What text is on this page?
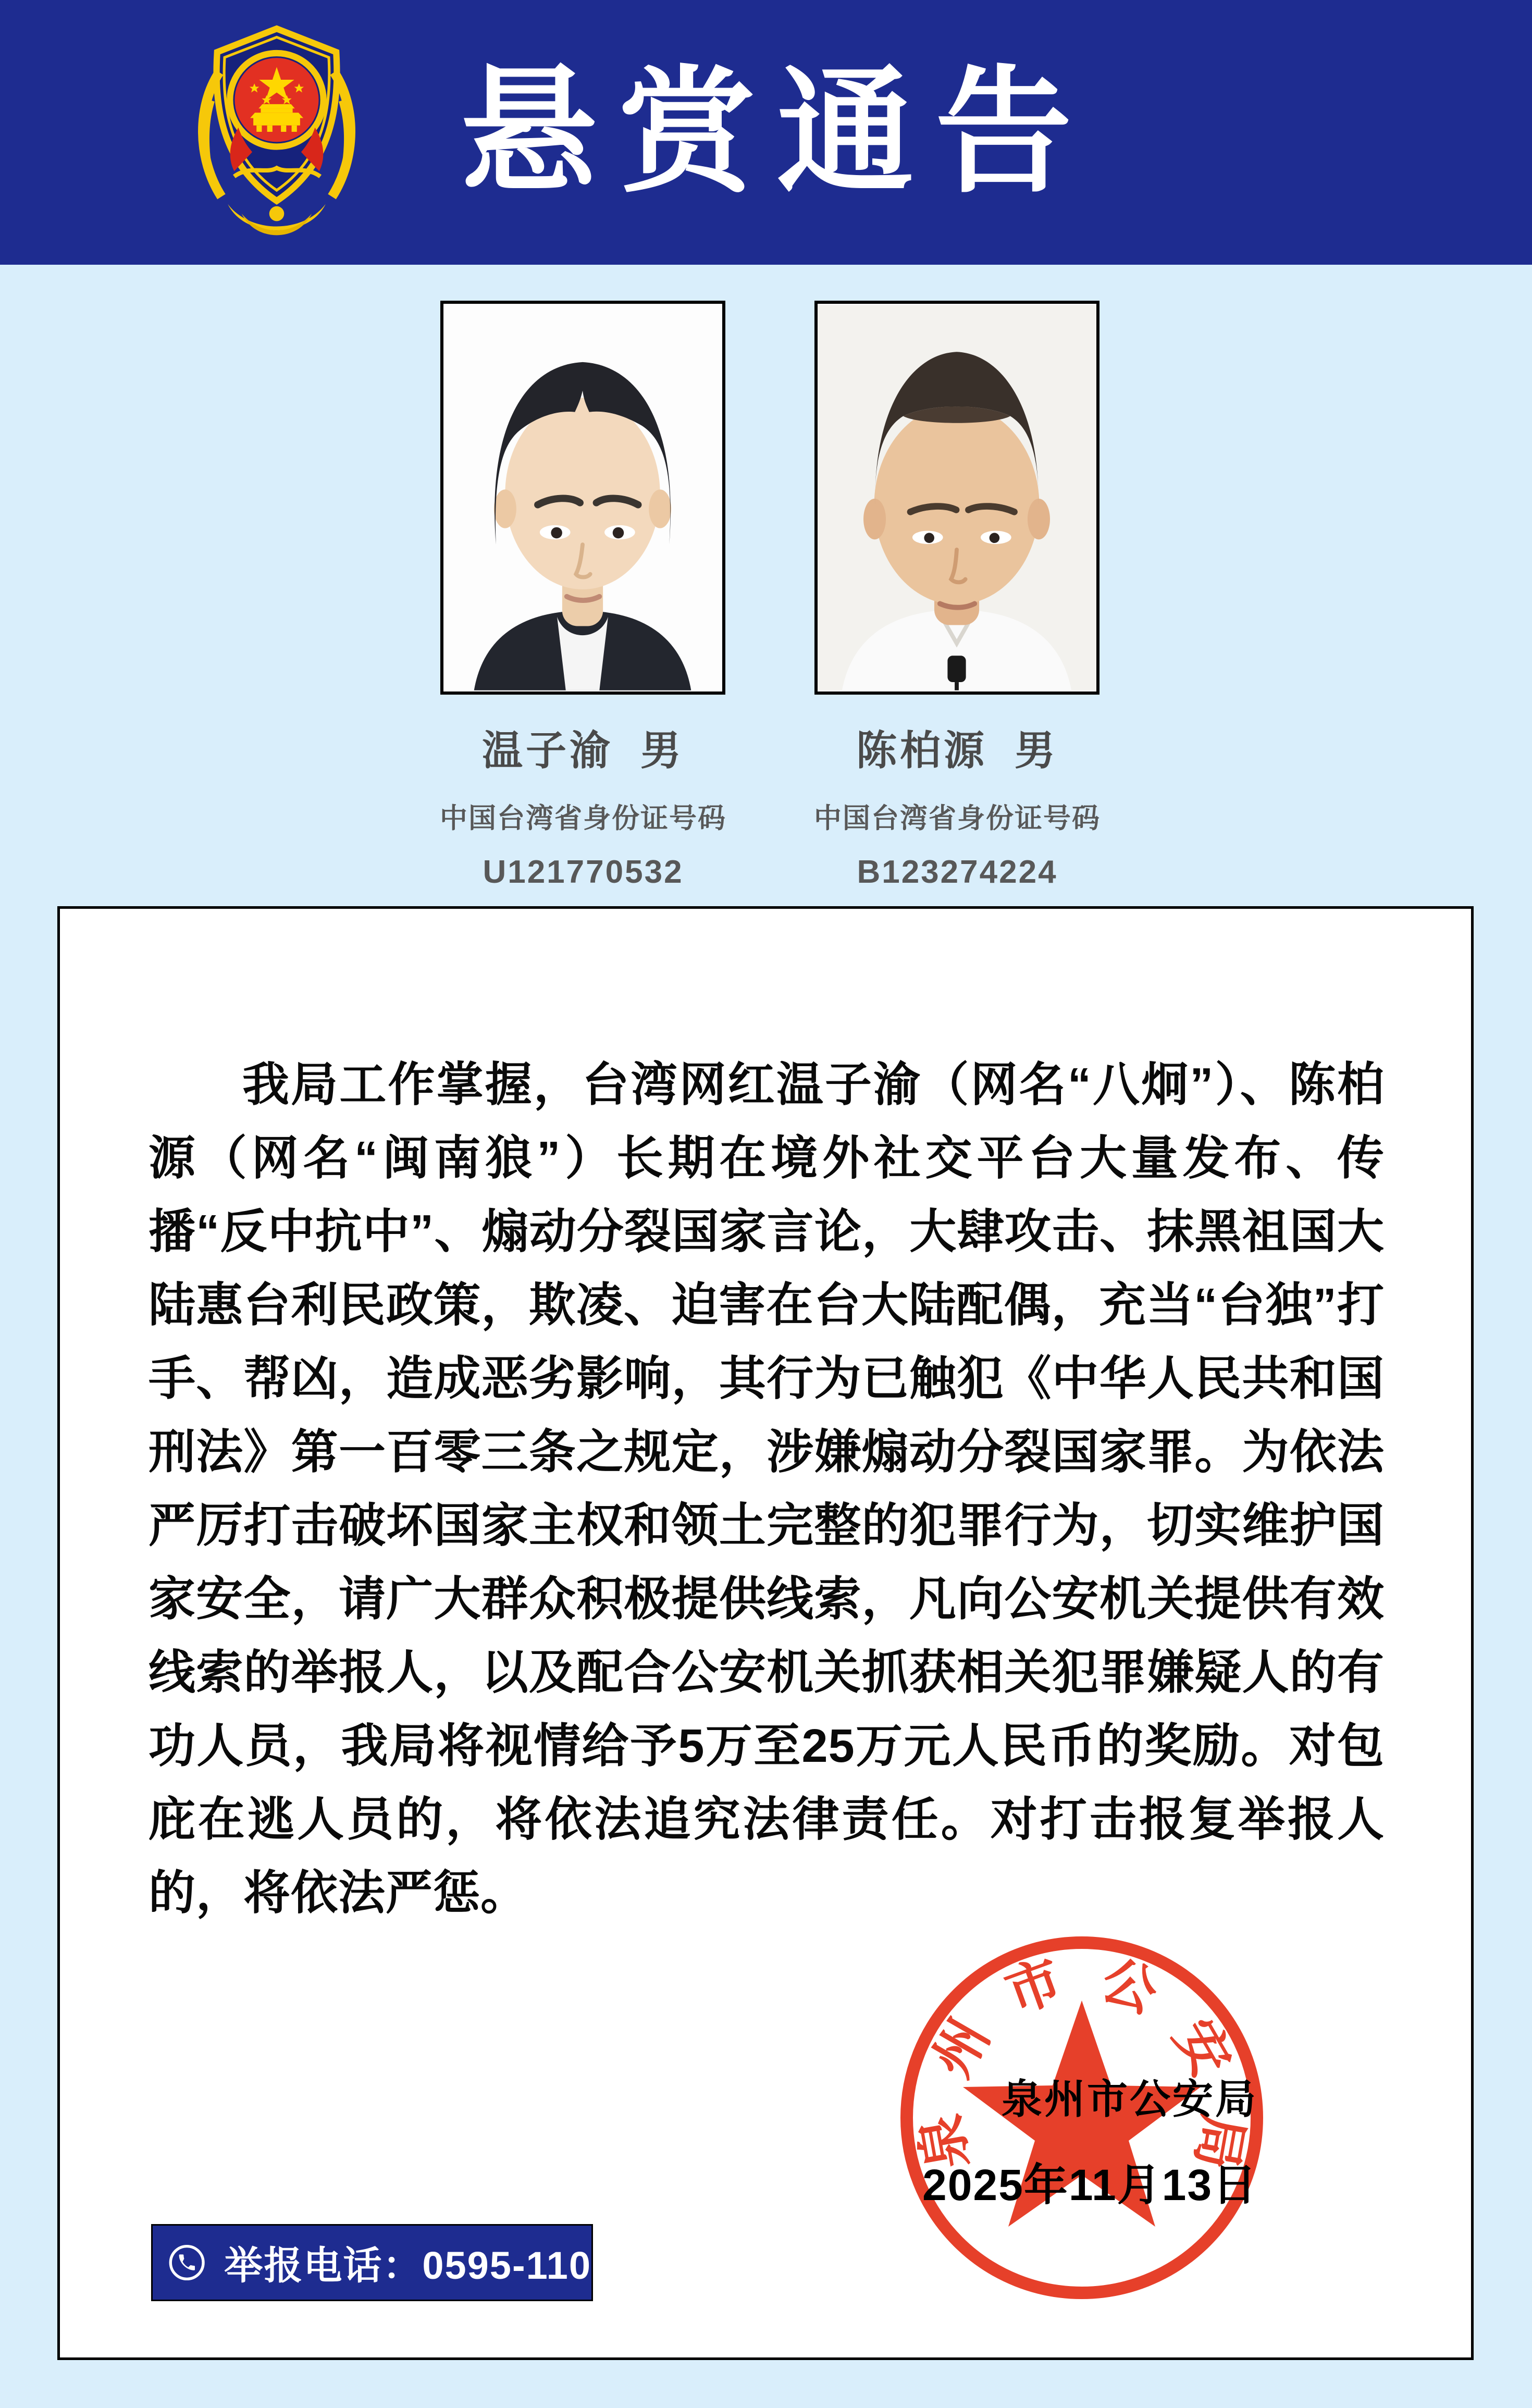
悬赏通告
温子渝 男
中国台湾省身份证号码
U121770532
陈柏源 男
中国台湾省身份证号码
B123274224
我局工作掌握，台湾网红温子渝（网名“八炯”）、陈柏源（网名“闽南狼”）长期在境外社交平台大量发布、传播“反中抗中”、煽动分裂国家言论，大肆攻击、抹黑祖国大陆惠台利民政策，欺凌、迫害在台大陆配偶，充当“台独”打手、帮凶，造成恶劣影响，其行为已触犯《中华人民共和国刑法》第一百零三条之规定，涉嫌煽动分裂国家罪。为依法严厉打击破坏国家主权和领土完整的犯罪行为，切实维护国家安全，请广大群众积极提供线索，凡向公安机关提供有效线索的举报人，以及配合公安机关抓获相关犯罪嫌疑人的有功人员，我局将视情给予5万至25万元人民币的奖励。对包庇在逃人员的，将依法追究法律责任。对打击报复举报人的，将依法严惩。
泉
州
市 公
安
局
泉州市公安局
2025年11月13日
举报电话：0595-110
